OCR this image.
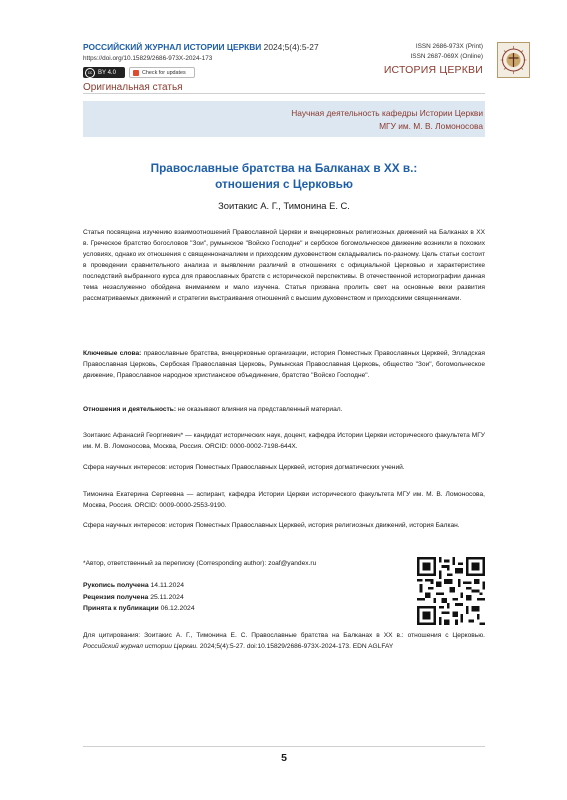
РОССИЙСКИЙ ЖУРНАЛ ИСТОРИИ ЦЕРКВИ 2024;5(4):5-27
https://doi.org/10.15829/2686-973X-2024-173
cc BY 4.0	Check for updates
Оригинальная статья
ISSN 2686-973X (Print)
ISSN 2687-069X (Online)
ИСТОРИЯ ЦЕРКВИ
Научная деятельность кафедры Истории Церкви
МГУ им. М. В. Ломоносова
Православные братства на Балканах в ХХ в.:
отношения с Церковью
Зоитакис А. Г., Тимонина Е. С.
Статья посвящена изучению взаимоотношений Православной Церкви и внецерковных религиозных движений на Балканах в ХХ в. Греческое братство богословов "Зои", румынское "Войско Господне" и сербское богомольческое движение возникли в похожих условиях, однако их отношения с священноначалием и приходским духовенством складывались по-разному. Цель статьи состоит в проведении сравнительного анализа и выявлении различий в отношениях с официальной Церковью и характеристике последствий выбранного курса для православных братств с исторической перспективы. В отечественной историографии данная тема незаслуженно обойдена вниманием и мало изучена. Статья призвана пролить свет на основные вехи развития рассматриваемых движений и стратегии выстраивания отношений с высшим духовенством и приходскими священниками.
Ключевые слова: православные братства, внецерковные организации, история Поместных Православных Церквей, Элладская Православная Церковь, Сербская Православная Церковь, Румынская Православная Церковь, общество "Зои", богомольческое движение, Православное народное христианское объединение, братство "Войско Господне".
Отношения и деятельность: не оказывают влияния на представленный материал.
Зоитакис Афанасий Георгиевич* — кандидат исторических наук, доцент, кафедра Истории Церкви исторического факультета МГУ им. М. В. Ломоносова, Москва, Россия. ORCID: 0000-0002-7198-644X.
Сфера научных интересов: история Поместных Православных Церквей, история догматических учений.
Тимонина Екатерина Сергеевна — аспирант, кафедра Истории Церкви исторического факультета МГУ им. М. В. Ломоносова, Москва, Россия. ORCID: 0009-0000-2553-9190.
Сфера научных интересов: история Поместных Православных Церквей, история религиозных движений, история Балкан.
*Автор, ответственный за переписку (Corresponding author): zoaf@yandex.ru
Рукопись получена 14.11.2024
Рецензия получена 25.11.2024
Принята к публикации 06.12.2024
Для цитирования: Зоитакис А. Г., Тимонина Е. С. Православные братства на Балканах в ХХ в.: отношения с Церковью. Российский журнал истории Церкви. 2024;5(4):5-27. doi:10.15829/2686-973X-2024-173. EDN AGLFAY
5
